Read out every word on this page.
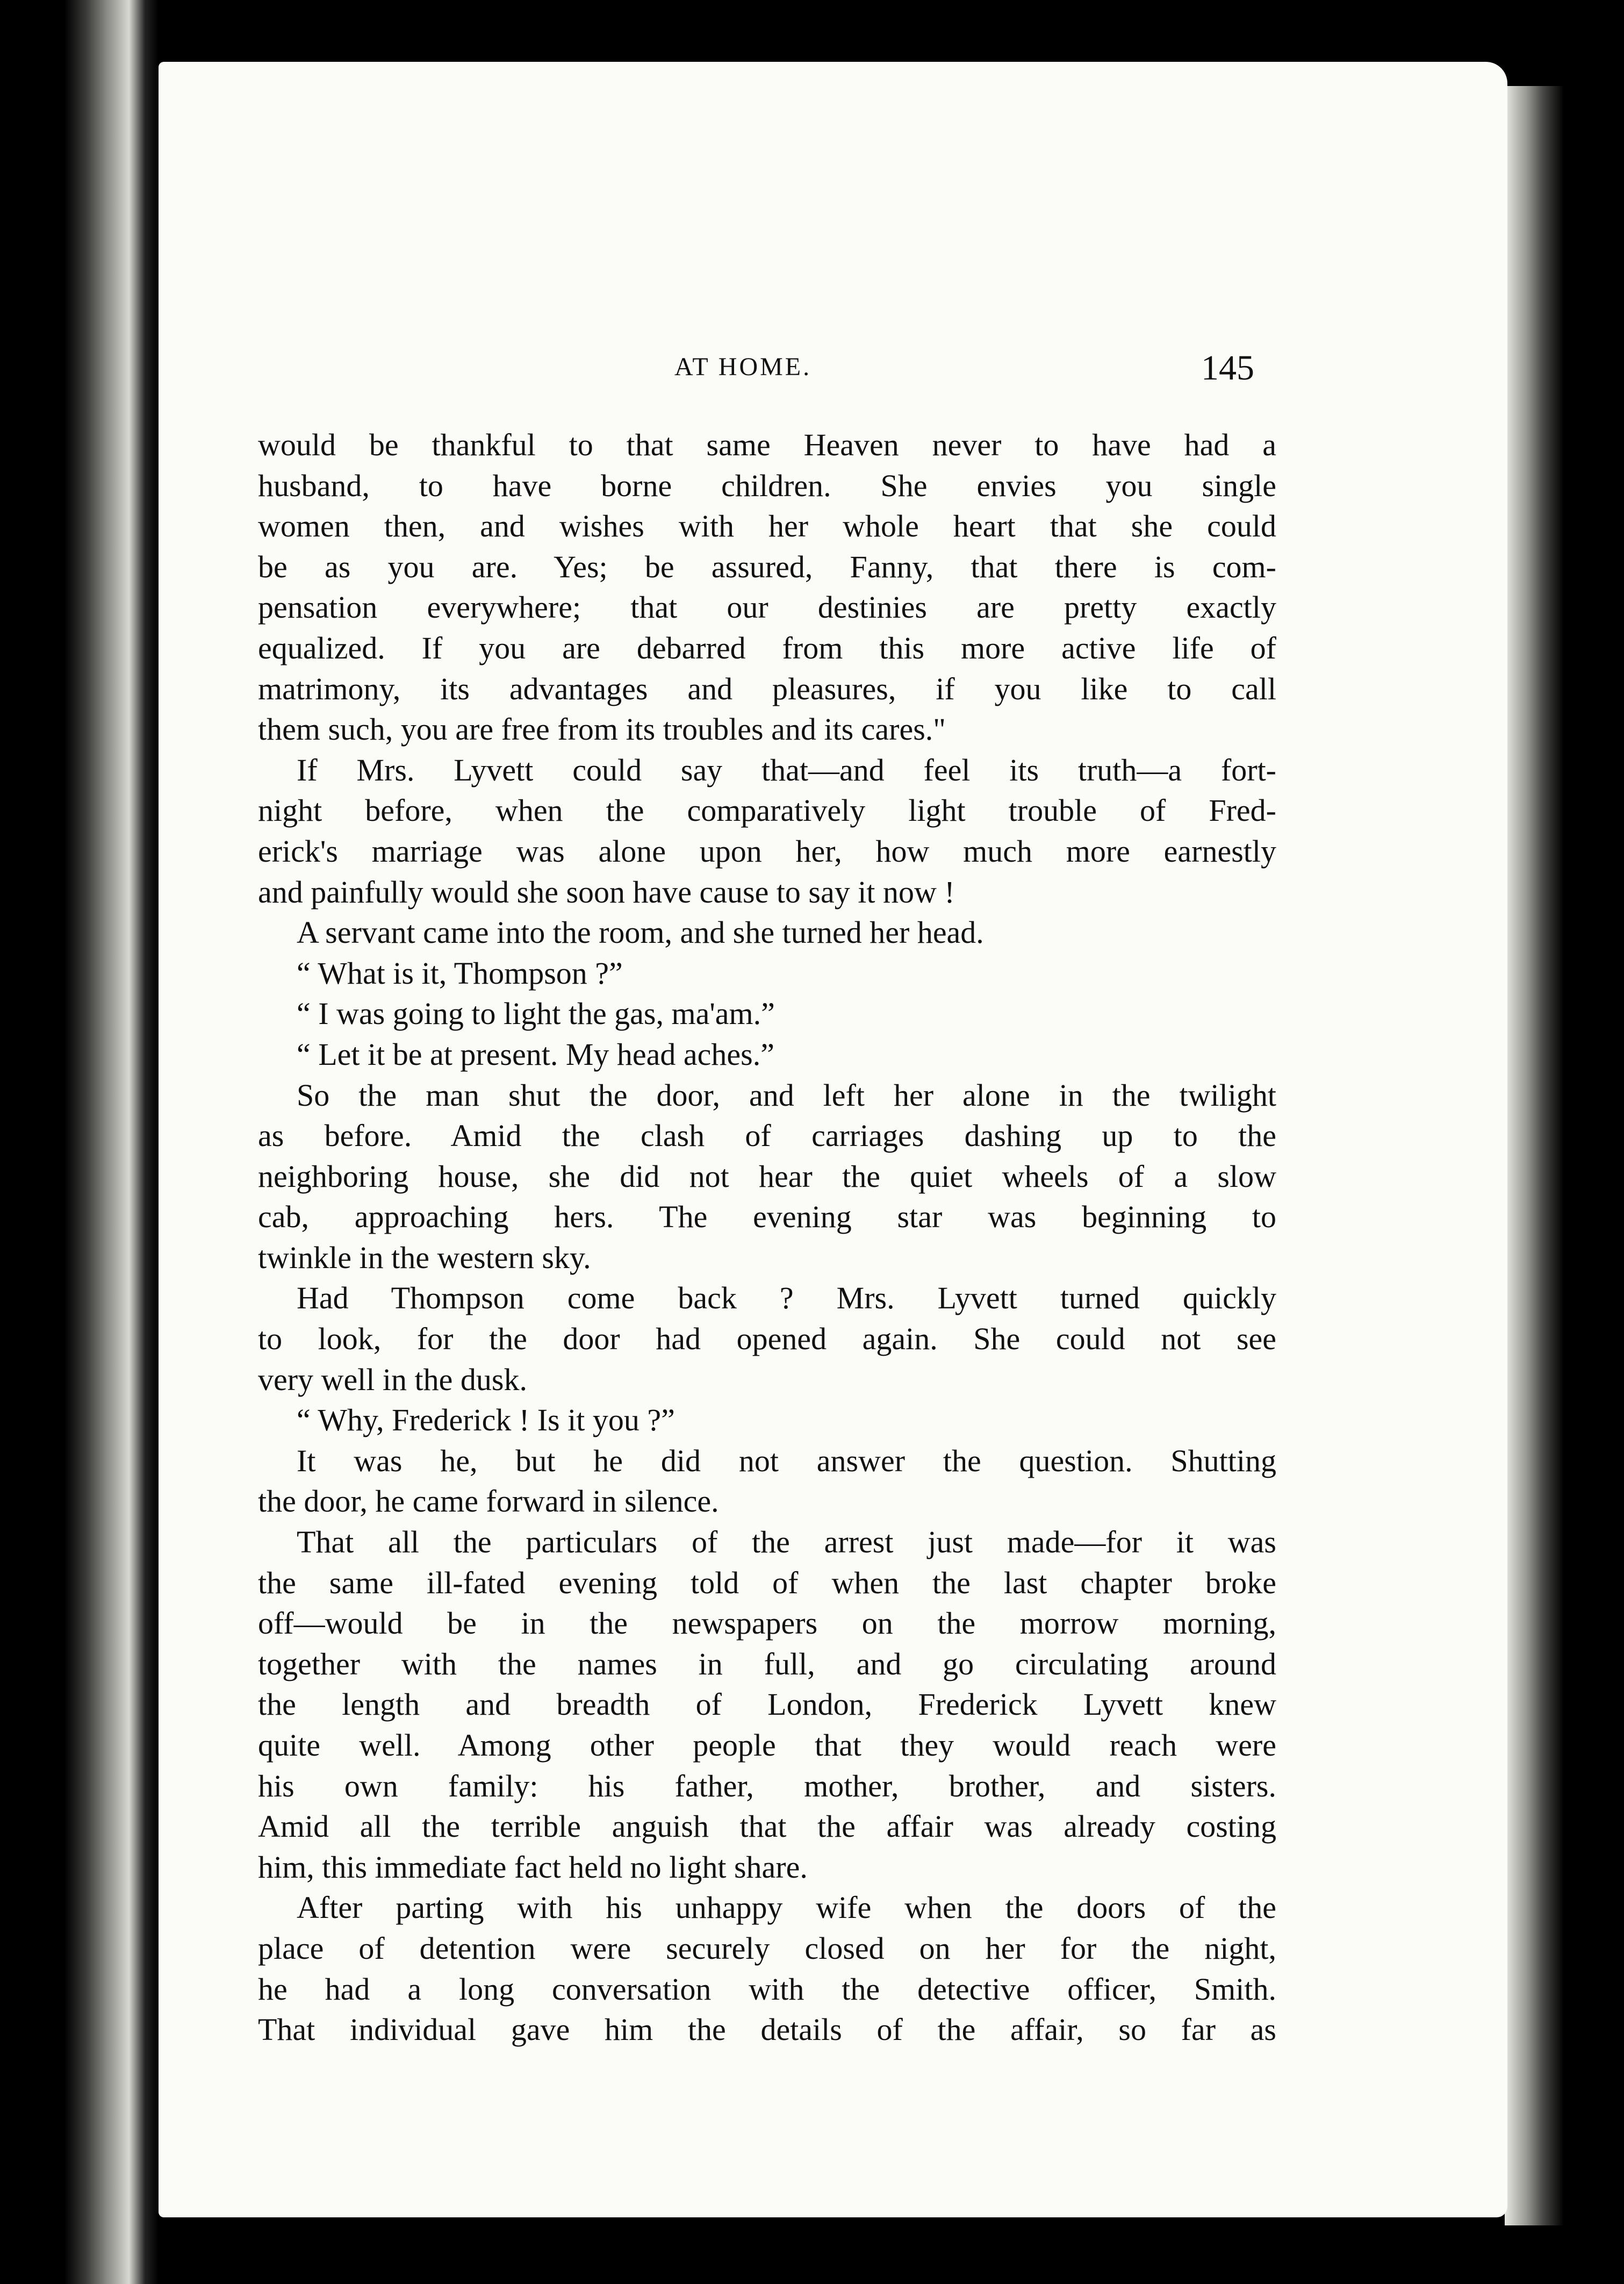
AT HOME.	145
would be thankful to that same Heaven never to have had a
husband, to have borne children. She envies you single
women then, and wishes with her whole heart that she could
be as you are. Yes; be assured, Fanny, that there is com-
pensation everywhere; that our destinies are pretty exactly
equalized. If you are debarred from this more active life of
matrimony, its advantages and pleasures, if you like to call
them such, you are free from its troubles and its cares."
If Mrs. Lyvett could say that—and feel its truth—a fort-
night before, when the comparatively light trouble of Fred-
erick's marriage was alone upon her, how much more earnestly
and painfully would she soon have cause to say it now !
A servant came into the room, and she turned her head.
“ What is it, Thompson ?”
“ I was going to light the gas, ma'am.”
“ Let it be at present. My head aches.”
So the man shut the door, and left her alone in the twilight
as before. Amid the clash of carriages dashing up to the
neighboring house, she did not hear the quiet wheels of a slow
cab, approaching hers. The evening star was beginning to
twinkle in the western sky.
Had Thompson come back ? Mrs. Lyvett turned quickly
to look, for the door had opened again. She could not see
very well in the dusk.
“ Why, Frederick ! Is it you ?”
It was he, but he did not answer the question. Shutting
the door, he came forward in silence.
That all the particulars of the arrest just made—for it was
the same ill-fated evening told of when the last chapter broke
off—would be in the newspapers on the morrow morning,
together with the names in full, and go circulating around
the length and breadth of London, Frederick Lyvett knew
quite well. Among other people that they would reach were
his own family: his father, mother, brother, and sisters.
Amid all the terrible anguish that the affair was already costing
him, this immediate fact held no light share.
After parting with his unhappy wife when the doors of the
place of detention were securely closed on her for the night,
he had a long conversation with the detective officer, Smith.
That individual gave him the details of the affair, so far as
